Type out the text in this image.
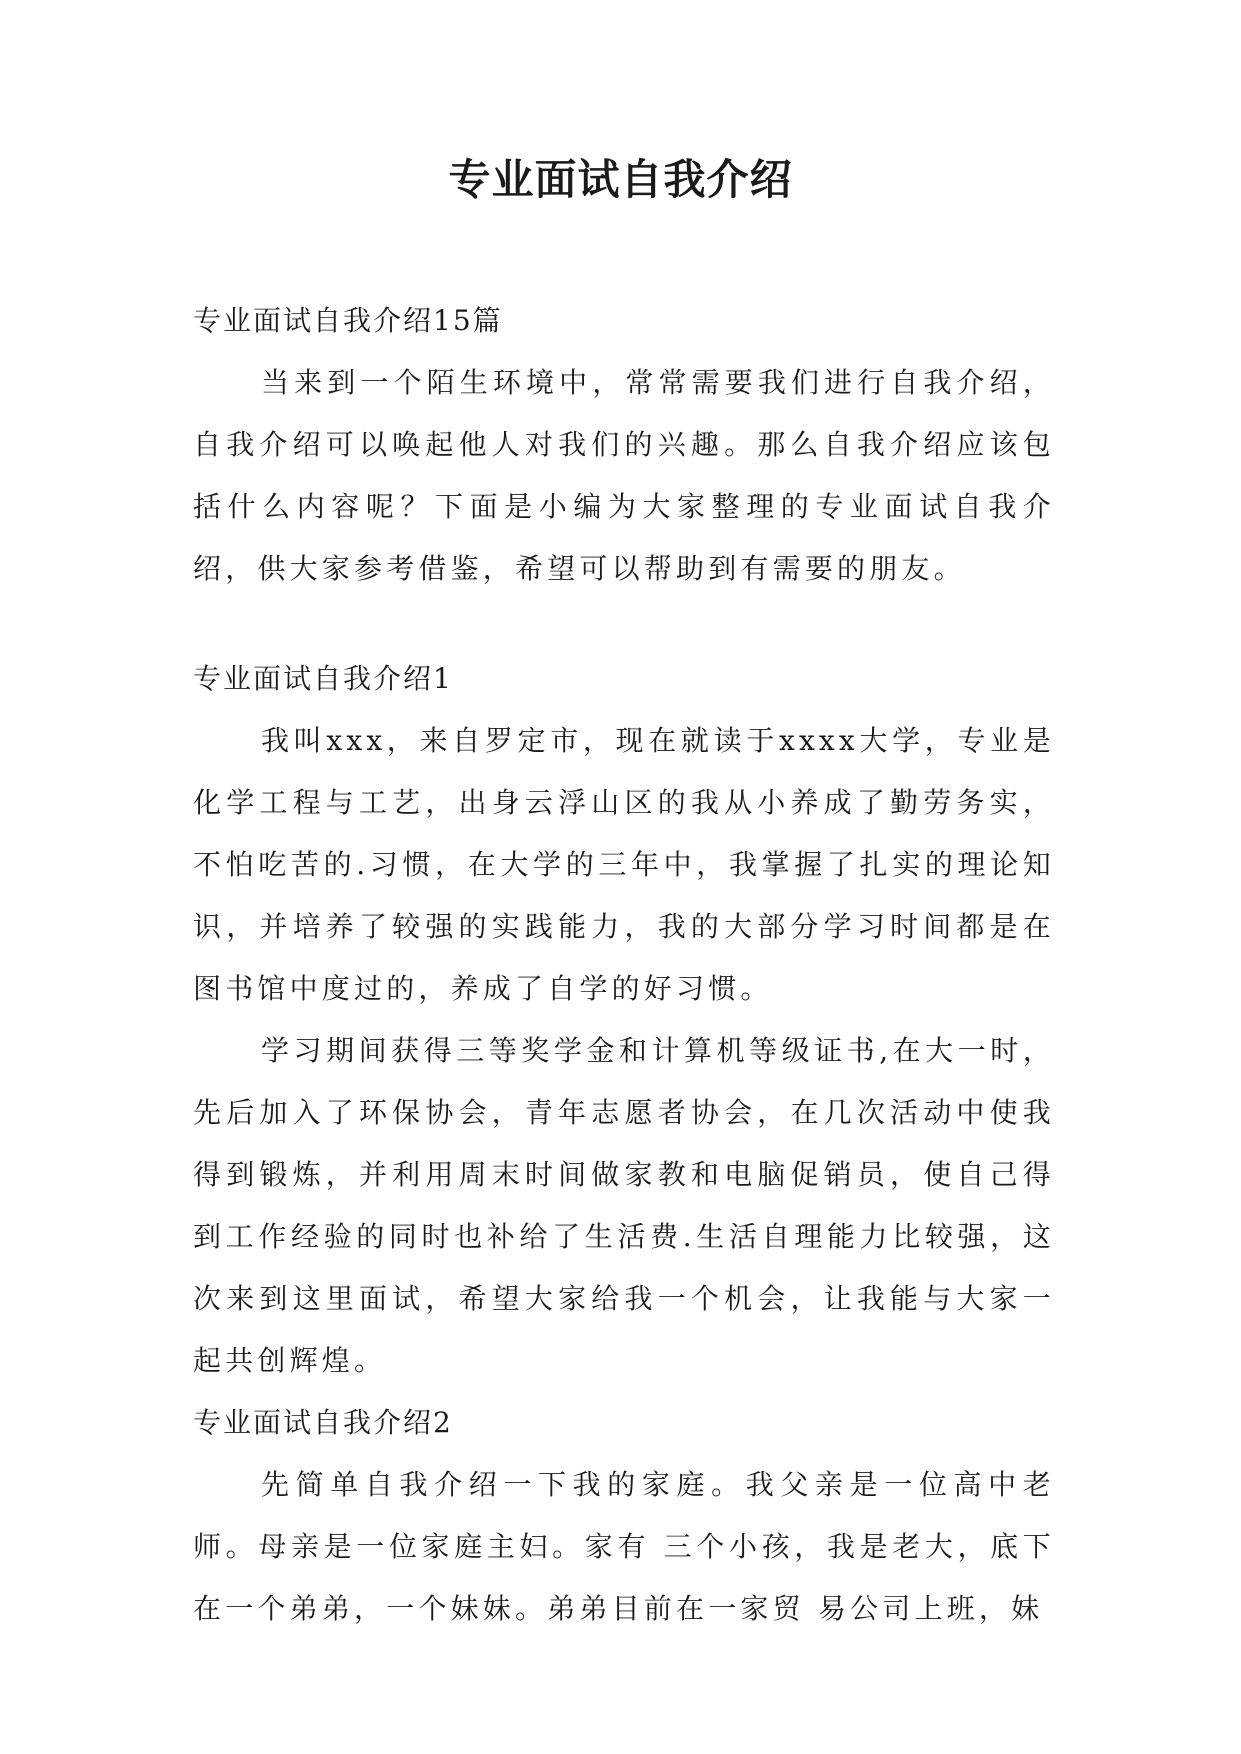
专业面试自我介绍

专业面试自我介绍15篇

当来到一个陌生环境中，常常需要我们进行自我介绍，自我介绍可以唤起他人对我们的兴趣。那么自我介绍应该包括什么内容呢？下面是小编为大家整理的专业面试自我介绍，供大家参考借鉴，希望可以帮助到有需要的朋友。

专业面试自我介绍1

我叫xxx，来自罗定市，现在就读于xxxx大学，专业是化学工程与工艺，出身云浮山区的我从小养成了勤劳务实，不怕吃苦的.习惯，在大学的三年中，我掌握了扎实的理论知识，并培养了较强的实践能力，我的大部分学习时间都是在图书馆中度过的，养成了自学的好习惯。

学习期间获得三等奖学金和计算机等级证书,在大一时，先后加入了环保协会，青年志愿者协会，在几次活动中使我得到锻炼，并利用周末时间做家教和电脑促销员，使自己得到工作经验的同时也补给了生活费.生活自理能力比较强，这次来到这里面试，希望大家给我一个机会，让我能与大家一起共创辉煌。

专业面试自我介绍2

先简单自我介绍一下我的家庭。我父亲是一位高中老师。母亲是一位家庭主妇。家有 三个小孩，我是老大，底下在一个弟弟，一个妹妹。弟弟目前在一家贸 易公司上班，妹
